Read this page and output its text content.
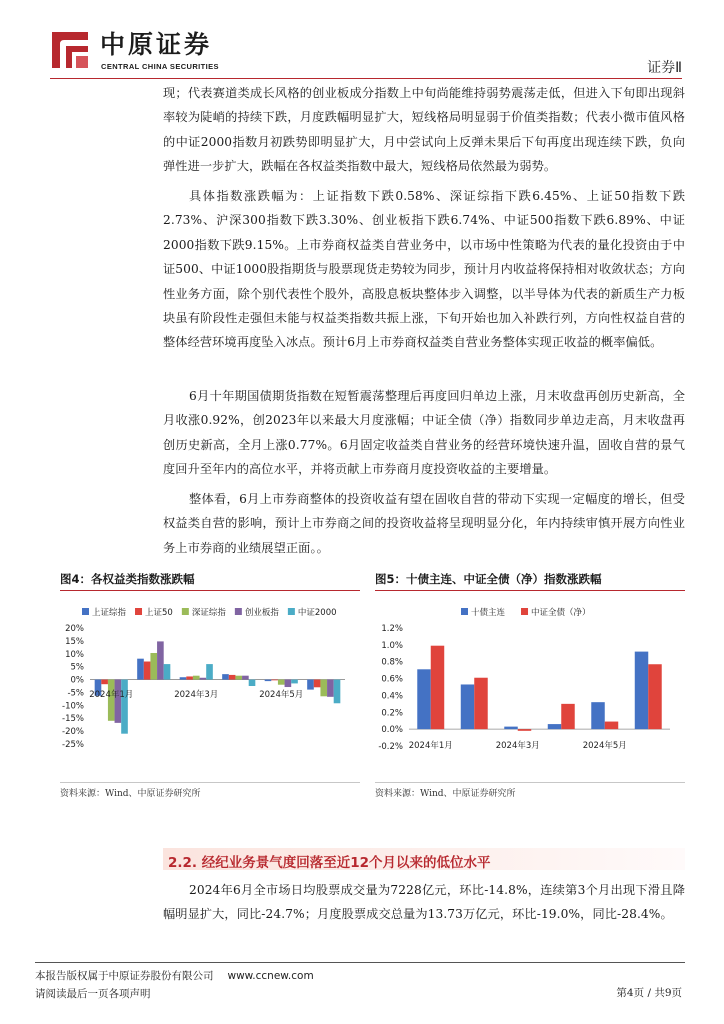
中原证券
CENTRAL CHINA SECURITIES	证券Ⅱ

现；代表赛道类成长风格的创业板成分指数上中旬尚能维持弱势震荡走低，但进入下旬即出现斜率较为陡峭的持续下跌，月度跌幅明显扩大，短线格局明显弱于价值类指数；代表小微市值风格的中证2000指数月初跌势即明显扩大，月中尝试向上反弹未果后下旬再度出现连续下跌，负向弹性进一步扩大，跌幅在各权益类指数中最大，短线格局依然最为弱势。

具体指数涨跌幅为：上证指数下跌0.58%、深证综指下跌6.45%、上证50指数下跌2.73%、沪深300指数下跌3.30%、创业板指下跌6.74%、中证500指数下跌6.89%、中证2000指数下跌9.15%。上市券商权益类自营业务中，以市场中性策略为代表的量化投资由于中证500、中证1000股指期货与股票现货走势较为同步，预计月内收益将保持相对收敛状态；方向性业务方面，除个别代表性个股外，高股息板块整体步入调整，以半导体为代表的新质生产力板块虽有阶段性走强但未能与权益类指数共振上涨，下旬开始也加入补跌行列，方向性权益自营的整体经营环境再度坠入冰点。预计6月上市券商权益类自营业务整体实现正收益的概率偏低。

6月十年期国债期货指数在短暂震荡整理后再度回归单边上涨，月末收盘再创历史新高，全月收涨0.92%，创2023年以来最大月度涨幅；中证全债（净）指数同步单边走高，月末收盘再创历史新高，全月上涨0.77%。6月固定收益类自营业务的经营环境快速升温，固收自营的景气度回升至年内的高位水平，并将贡献上市券商月度投资收益的主要增量。

整体看，6月上市券商整体的投资收益有望在固收自营的带动下实现一定幅度的增长，但受权益类自营的影响，预计上市券商之间的投资收益将呈现明显分化，年内持续审慎开展方向性业务上市券商的业绩展望正面。。

图4：各权益类指数涨跌幅
上证综指 上证50 深证综指 创业板指 中证2000
20%
15%
10%
5%
0%
-5%
-10%
-15%
-20%
-25%
2024年1月	2024年3月	2024年5月
资料来源：Wind、中原证券研究所
图5：十债主连、中证全债（净）指数涨跌幅
十债主连	中证全债（净）
1.2%
1.0%
0.8%
0.6%
0.4%
0.2%
0.0%
-0.2% 2024年1月	2024年3月	2024年5月
资料来源：Wind、中原证券研究所
2.2. 经纪业务景气度回落至近12个月以来的低位水平

2024年6月全市场日均股票成交量为7228亿元，环比-14.8%，连续第3个月出现下滑且降幅明显扩大，同比-24.7%；月度股票成交总量为13.73万亿元，环比-19.0%，同比-28.4%。

本报告版权属于中原证券股份有限公司 www.ccnew.com
请阅读最后一页各项声明	第4页 / 共9页
